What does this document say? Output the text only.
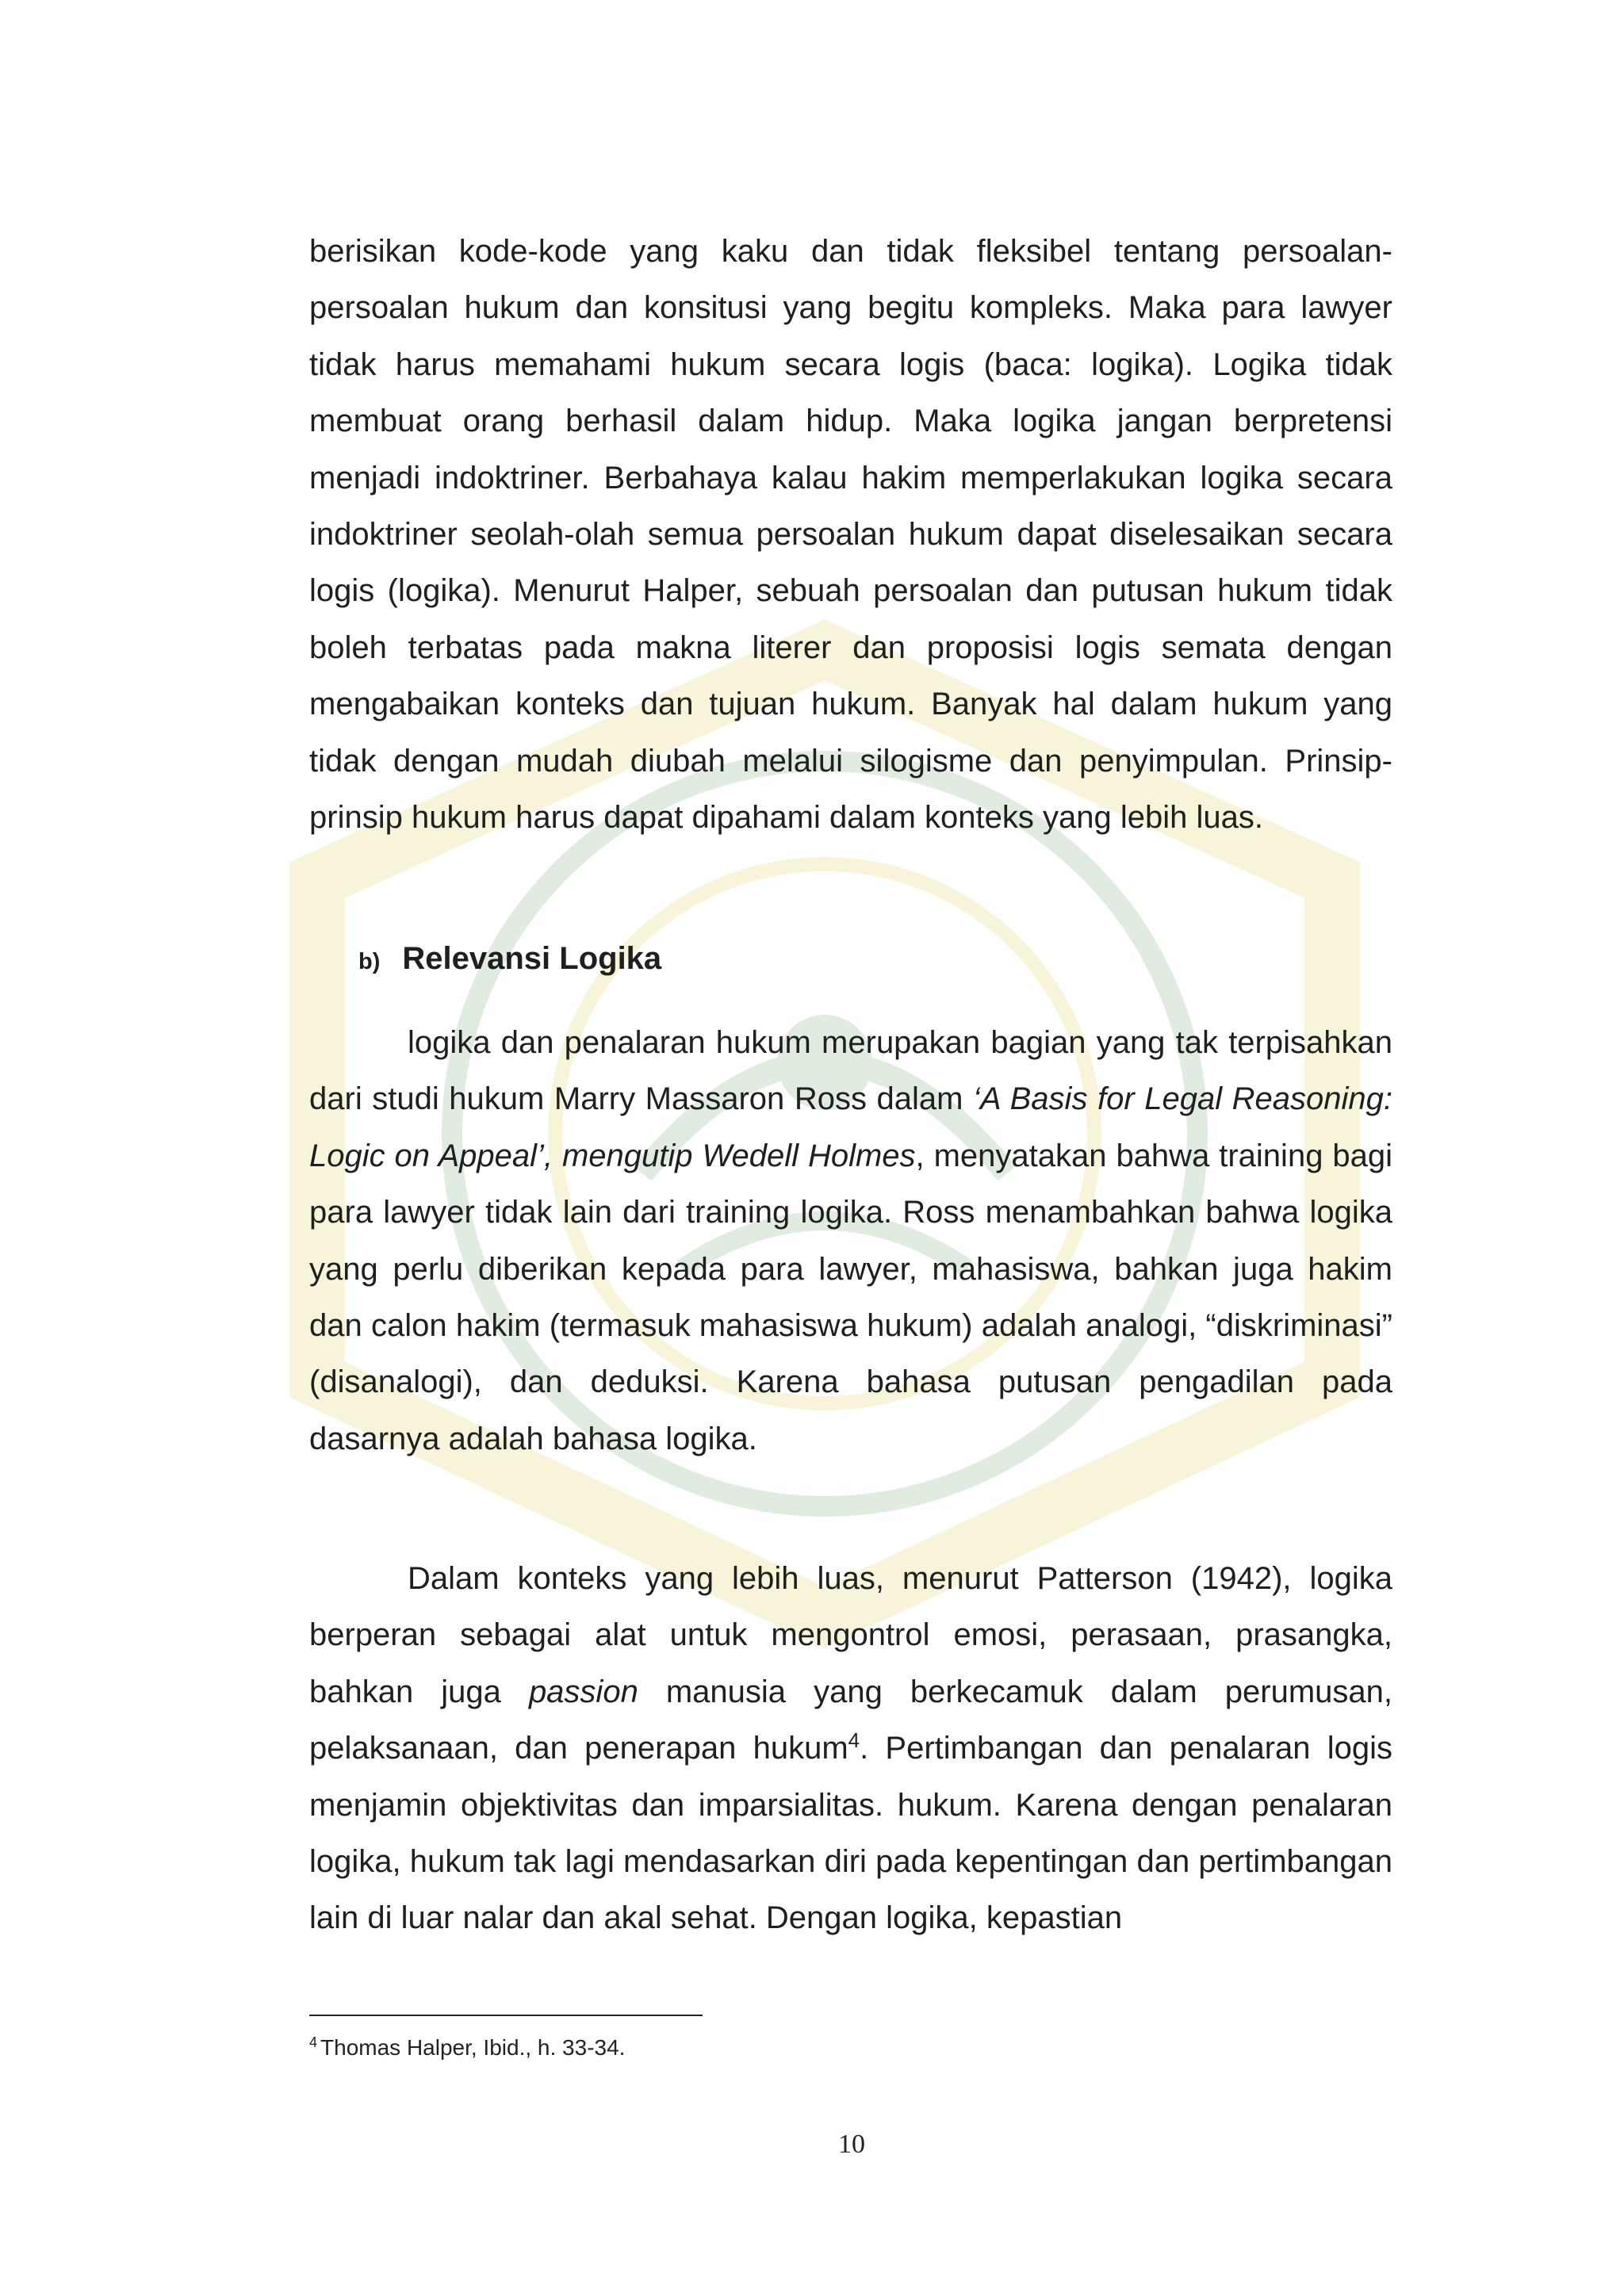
berisikan kode-kode yang kaku dan tidak fleksibel tentang persoalan-persoalan hukum dan konsitusi yang begitu kompleks. Maka para lawyer tidak harus memahami hukum secara logis (baca: logika). Logika tidak membuat orang berhasil dalam hidup. Maka logika jangan berpretensi menjadi indoktriner. Berbahaya kalau hakim memperlakukan logika secara indoktriner seolah-olah semua persoalan hukum dapat diselesaikan secara logis (logika). Menurut Halper, sebuah persoalan dan putusan hukum tidak boleh terbatas pada makna literer dan proposisi logis semata dengan mengabaikan konteks dan tujuan hukum. Banyak hal dalam hukum yang tidak dengan mudah diubah melalui silogisme dan penyimpulan. Prinsip-prinsip hukum harus dapat dipahami dalam konteks yang lebih luas.
b) Relevansi Logika
logika dan penalaran hukum merupakan bagian yang tak terpisahkan dari studi hukum Marry Massaron Ross dalam ‘A Basis for Legal Reasoning: Logic on Appeal’, mengutip Wedell Holmes, menyatakan bahwa training bagi para lawyer tidak lain dari training logika. Ross menambahkan bahwa logika yang perlu diberikan kepada para lawyer, mahasiswa, bahkan juga hakim dan calon hakim (termasuk mahasiswa hukum) adalah analogi, “diskriminasi” (disanalogi), dan deduksi. Karena bahasa putusan pengadilan pada dasarnya adalah bahasa logika.
Dalam konteks yang lebih luas, menurut Patterson (1942), logika berperan sebagai alat untuk mengontrol emosi, perasaan, prasangka, bahkan juga passion manusia yang berkecamuk dalam perumusan, pelaksanaan, dan penerapan hukum$^4$. Pertimbangan dan penalaran logis menjamin objektivitas dan imparsialitas. hukum. Karena dengan penalaran logika, hukum tak lagi mendasarkan diri pada kepentingan dan pertimbangan lain di luar nalar dan akal sehat. Dengan logika, kepastian
$^4$ Thomas Halper, Ibid., h. 33-34.
10
